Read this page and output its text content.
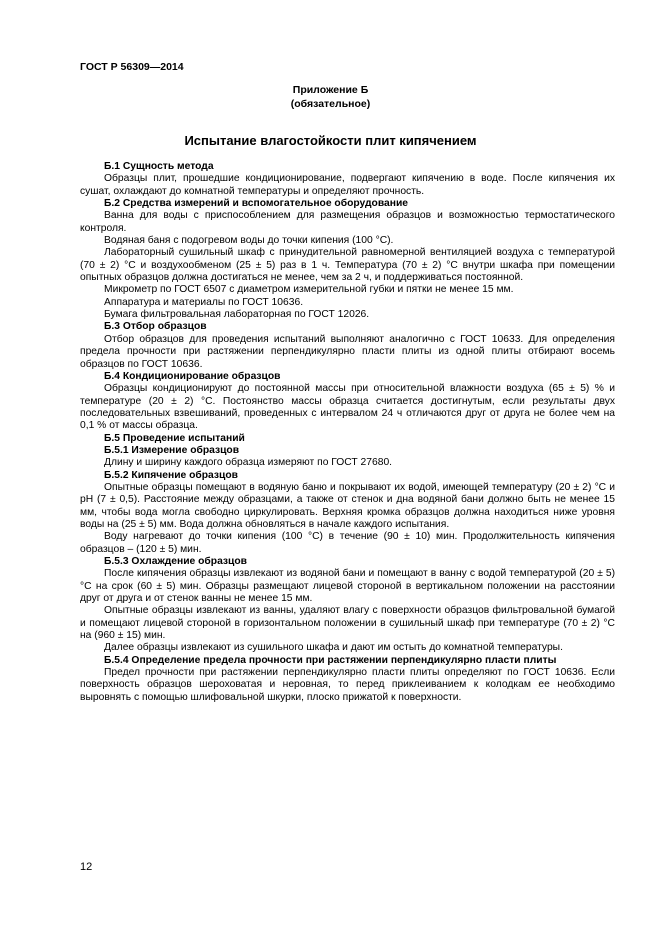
ГОСТ Р 56309—2014
Приложение Б
(обязательное)
Испытание влагостойкости плит кипячением
Б.1 Сущность метода

Образцы плит, прошедшие кондиционирование, подвергают кипячению в воде. После кипячения их сушат, охлаждают до комнатной температуры и определяют прочность.

Б.2 Средства измерений и вспомогательное оборудование

Ванна для воды с приспособлением для размещения образцов и возможностью термостатического контроля.

Водяная баня с подогревом воды до точки кипения (100 °С).

Лабораторный сушильный шкаф с принудительной равномерной вентиляцией воздуха с температурой (70 ± 2) °С и воздухообменом (25 ± 5) раз в 1 ч. Температура (70 ± 2) °С внутри шкафа при помещении опытных образцов должна достигаться не менее, чем за 2 ч, и поддерживаться постоянной.

Микрометр по ГОСТ 6507 с диаметром измерительной губки и пятки не менее 15 мм.

Аппаратура и материалы по ГОСТ 10636.

Бумага фильтровальная лабораторная по ГОСТ 12026.

Б.3 Отбор образцов

Отбор образцов для проведения испытаний выполняют аналогично с ГОСТ 10633. Для определения предела прочности при растяжении перпендикулярно пласти плиты из одной плиты отбирают восемь образцов по ГОСТ 10636.

Б.4 Кондиционирование образцов

Образцы кондиционируют до постоянной массы при относительной влажности воздуха (65 ± 5) % и температуре (20 ± 2) °С. Постоянство массы образца считается достигнутым, если результаты двух последовательных взвешиваний, проведенных с интервалом 24 ч отличаются друг от друга не более чем на 0,1 % от массы образца.

Б.5 Проведение испытаний
Б.5.1 Измерение образцов

Длину и ширину каждого образца измеряют по ГОСТ 27680.

Б.5.2 Кипячение образцов

Опытные образцы помещают в водяную баню и покрывают их водой, имеющей температуру (20 ± 2) °С и рН (7 ± 0,5). Расстояние между образцами, а также от стенок и дна водяной бани должно быть не менее 15 мм, чтобы вода могла свободно циркулировать. Верхняя кромка образцов должна находиться ниже уровня воды на (25 ± 5) мм. Вода должна обновляться в начале каждого испытания.

Воду нагревают до точки кипения (100 °С) в течение (90 ± 10) мин. Продолжительность кипячения образцов – (120 ± 5) мин.

Б.5.3 Охлаждение образцов

После кипячения образцы извлекают из водяной бани и помещают в ванну с водой температурой (20 ± 5) °С на срок (60 ± 5) мин. Образцы размещают лицевой стороной в вертикальном положении на расстоянии друг от друга и от стенок ванны не менее 15 мм.

Опытные образцы извлекают из ванны, удаляют влагу с поверхности образцов фильтровальной бумагой и помещают лицевой стороной в горизонтальном положении в сушильный шкаф при температуре (70 ± 2) °С на (960 ± 15) мин.

Далее образцы извлекают из сушильного шкафа и дают им остыть до комнатной температуры.

Б.5.4 Определение предела прочности при растяжении перпендикулярно пласти плиты

Предел прочности при растяжении перпендикулярно пласти плиты определяют по ГОСТ 10636. Если поверхность образцов шероховатая и неровная, то перед приклеиванием к колодкам ее необходимо выровнять с помощью шлифовальной шкурки, плоско прижатой к поверхности.

12
